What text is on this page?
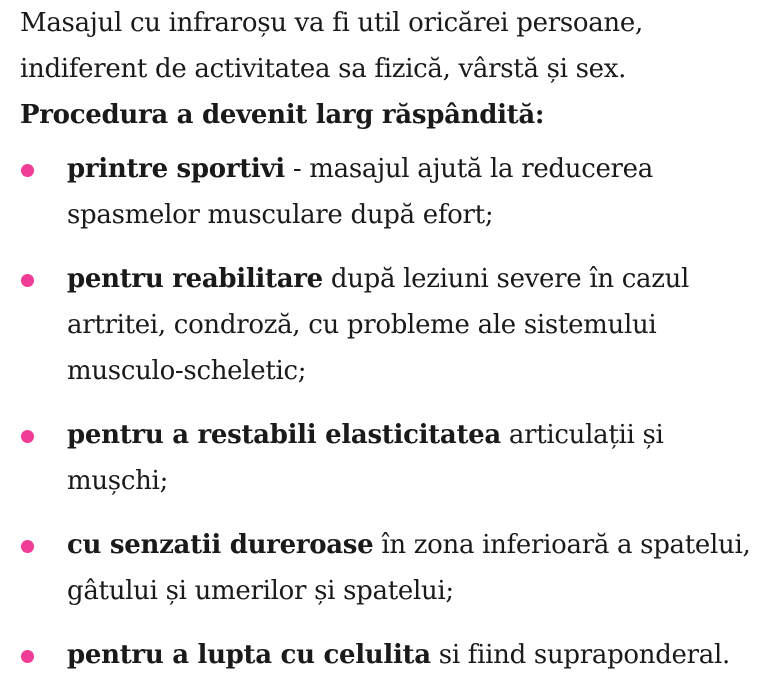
Masajul cu infraroșu va fi util oricărei persoane, indiferent de activitatea sa fizică, vârstă și sex.

Procedura a devenit larg răspândită:

printre sportivi - masajul ajută la reducerea spasmelor musculare după efort;
pentru reabilitare după leziuni severe în cazul artritei, condroză, cu probleme ale sistemului musculo-scheletic;
pentru a restabili elasticitatea articulații și mușchi;
cu senzatii dureroase în zona inferioară a spatelui, gâtului și umerilor și spatelui;
pentru a lupta cu celulita si fiind supraponderal.
